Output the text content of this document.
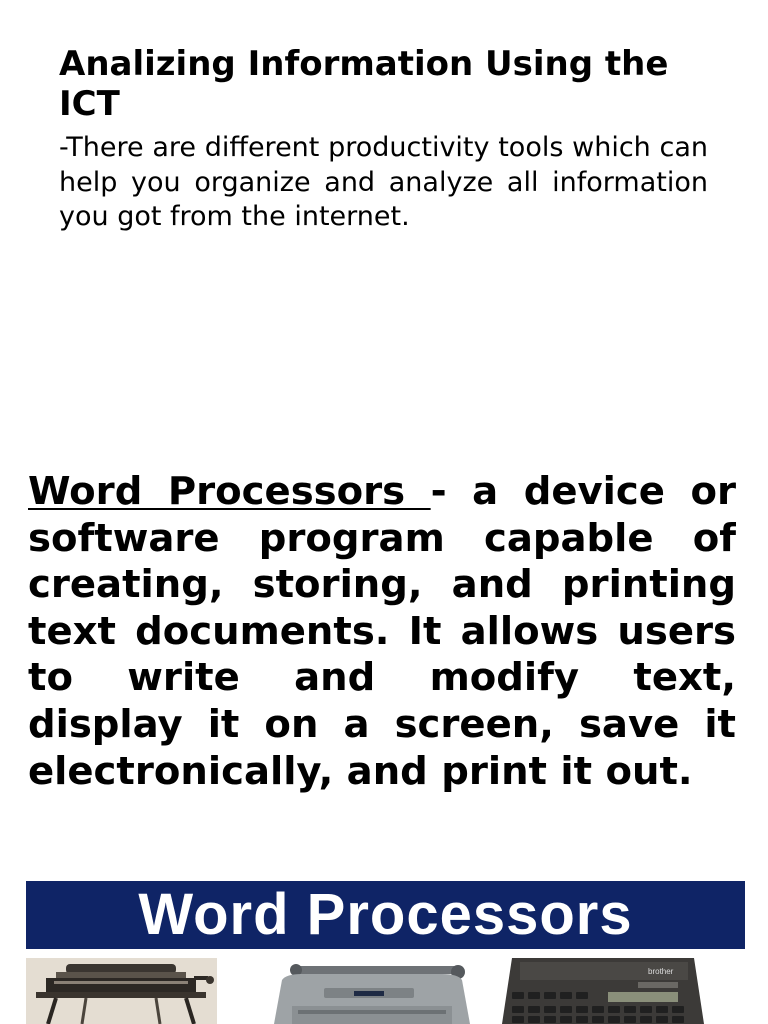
Analizing Information Using the ICT

-There are different productivity tools which can help you organize and analyze all information you got from the internet.

Word Processors - a device or software program capable of creating, storing, and printing text documents. It allows users to write and modify text, display it on a screen, save it electronically, and print it out.

Word Processors
brother
